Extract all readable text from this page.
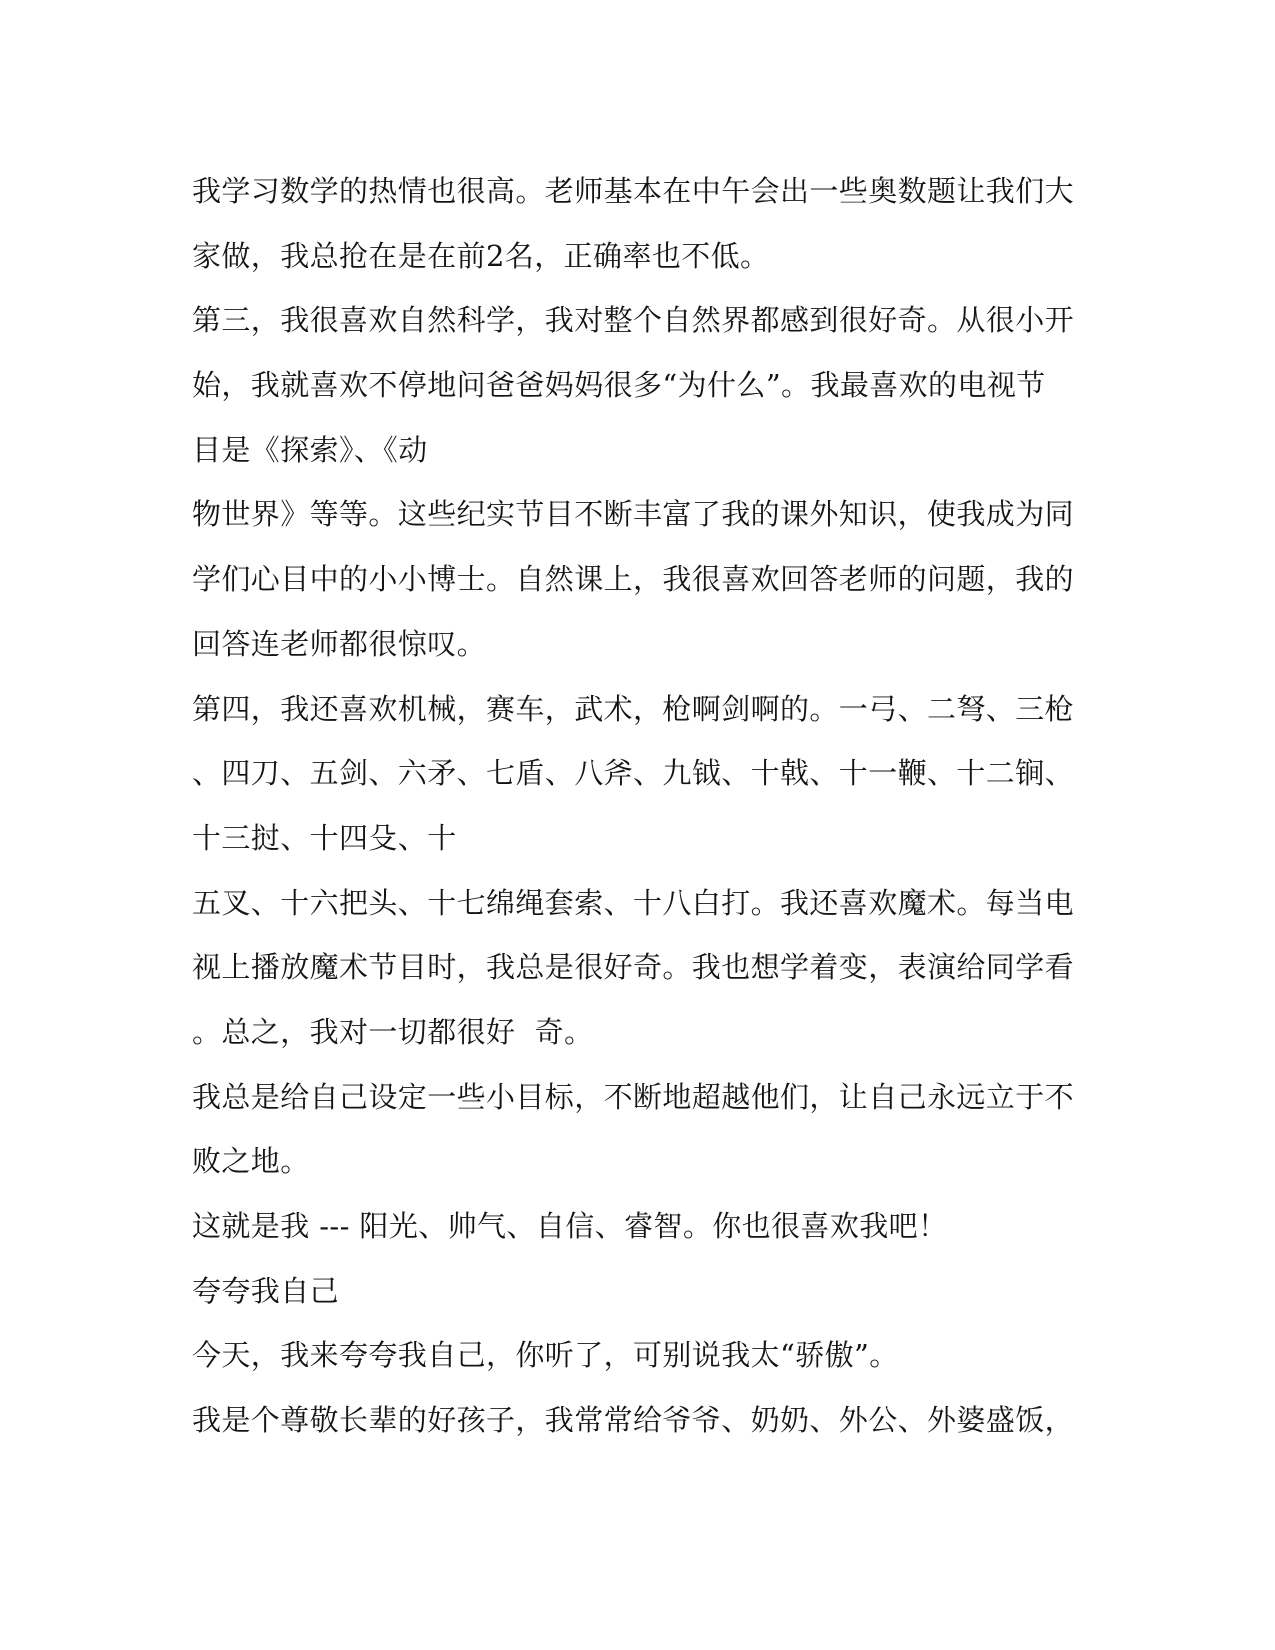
我学习数学的热情也很高。老师基本在中午会出一些奥数题让我们大
家做，我总抢在是在前2名，正确率也不低。
第三，我很喜欢自然科学，我对整个自然界都感到很好奇。从很小开
始，我就喜欢不停地问爸爸妈妈很多“为什么”。我最喜欢的电视节
目是《探索》、《动
物世界》等等。这些纪实节目不断丰富了我的课外知识，使我成为同
学们心目中的小小博士。自然课上，我很喜欢回答老师的问题，我的
回答连老师都很惊叹。
第四，我还喜欢机械，赛车，武术，枪啊剑啊的。一弓、二弩、三枪
、四刀、五剑、六矛、七盾、八斧、九钺、十戟、十一鞭、十二锏、
十三挝、十四殳、十
五叉、十六把头、十七绵绳套索、十八白打。我还喜欢魔术。每当电
视上播放魔术节目时，我总是很好奇。我也想学着变，表演给同学看
。总之，我对一切都很好  奇。
我总是给自己设定一些小目标，不断地超越他们，让自己永远立于不
败之地。
这就是我 --- 阳光、帅气、自信、睿智。你也很喜欢我吧！
夸夸我自己
今天，我来夸夸我自己，你听了，可别说我太“骄傲”。
我是个尊敬长辈的好孩子，我常常给爷爷、奶奶、外公、外婆盛饭，
